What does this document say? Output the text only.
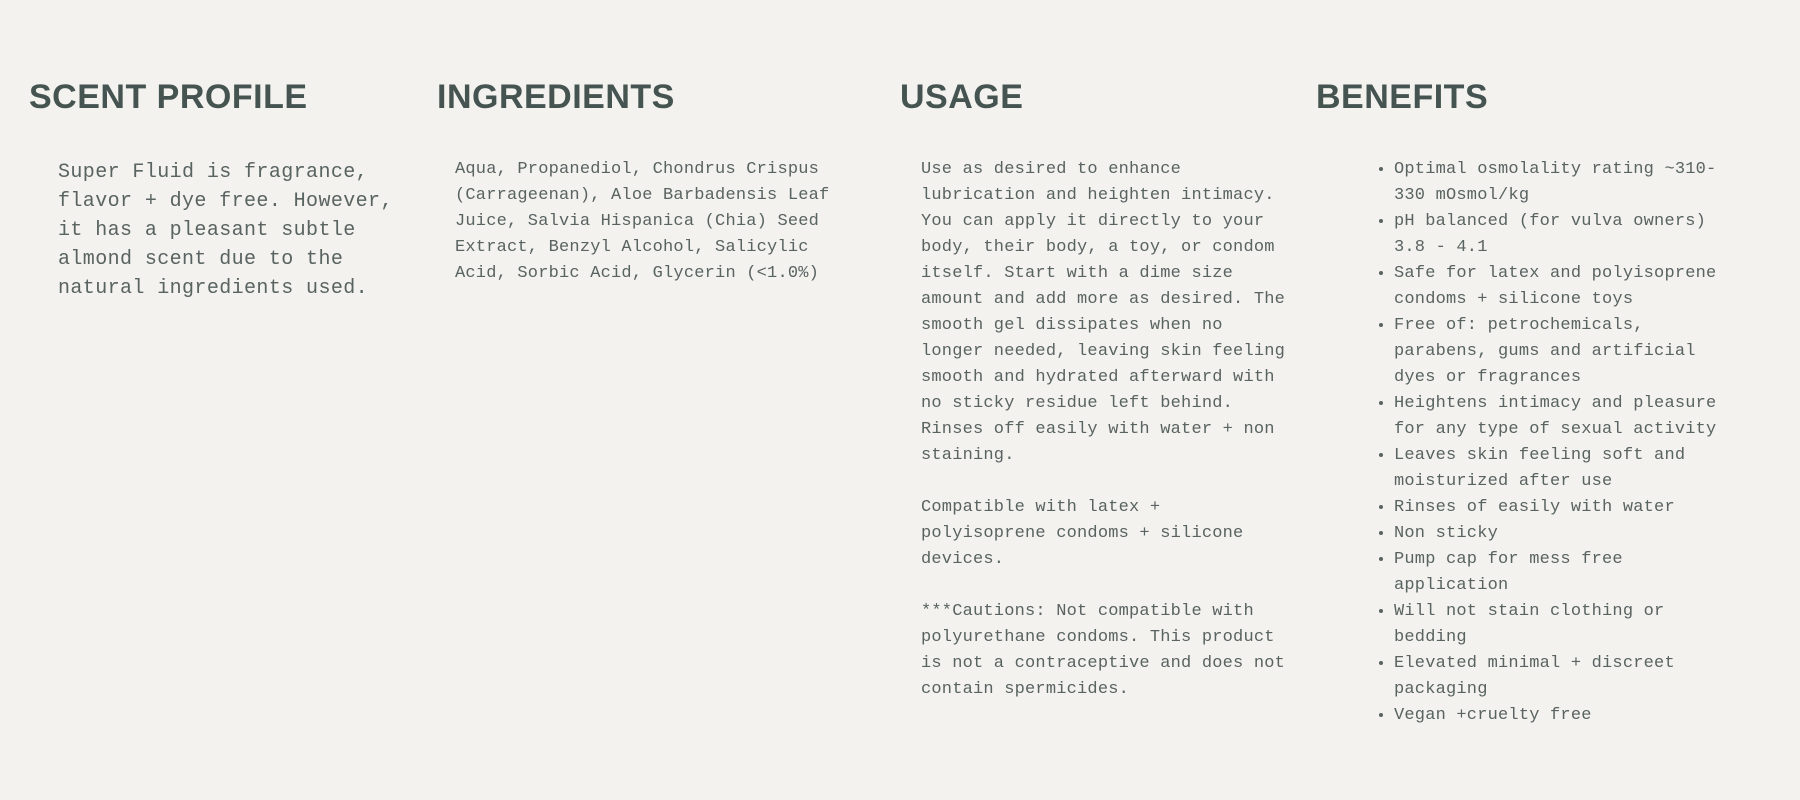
SCENT PROFILE

Super Fluid is fragrance, flavor + dye free. However, it has a pleasant subtle almond scent due to the natural ingredients used.

INGREDIENTS

Aqua, Propanediol, Chondrus Crispus (Carrageenan), Aloe Barbadensis Leaf Juice, Salvia Hispanica (Chia) Seed Extract, Benzyl Alcohol, Salicylic Acid, Sorbic Acid, Glycerin (<1.0%)

USAGE

Use as desired to enhance lubrication and heighten intimacy. You can apply it directly to your body, their body, a toy, or condom itself. Start with a dime size amount and add more as desired. The smooth gel dissipates when no longer needed, leaving skin feeling smooth and hydrated afterward with no sticky residue left behind. Rinses off easily with water + non staining.

Compatible with latex + polyisoprene condoms + silicone devices.

***Cautions: Not compatible with polyurethane condoms. This product is not a contraceptive and does not contain spermicides.

BENEFITS
• Optimal osmolality rating ~310-330 mOsmol/kg
• pH balanced (for vulva owners) 3.8 - 4.1
• Safe for latex and polyisoprene condoms + silicone toys
• Free of: petrochemicals, parabens, gums and artificial dyes or fragrances
• Heightens intimacy and pleasure for any type of sexual activity
• Leaves skin feeling soft and moisturized after use
• Rinses of easily with water
• Non sticky
• Pump cap for mess free application
• Will not stain clothing or bedding
• Elevated minimal + discreet packaging
• Vegan +cruelty free
